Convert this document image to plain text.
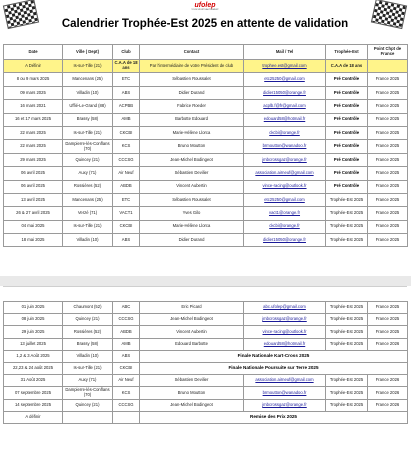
ufolep
TOUS SPORTS AUTREMENT
Calendrier Trophée-Est 2025 en attente de validation
Date	Ville ( Dept)	Club	Contact	Mail / Tel	Trophée-Est	Point Chpt de France
A Définir	Is-sur-Tille (21)	C.A.A de 18 ans	Par l'intermédiaire de votre Président de club	trophee.est@gmail.com	C.A.A de 18 ans	
8 ou 9 mars 2025	Mancenans (25)	ETC	Sébastien Roussalet	etc25250@gmail.com	Pré Contrôle	France 2025
09 mars 2025	Villadin (10)	ABS	Didier Durand	didier15050@orange.fr	Pré Contrôle	France 2025
16 mars 2021	Uffié-Le-Grand (88)	ACPBB	Fabrice Roeder	acplb.f@fr@gmail.com	Pré Contrôle	France 2025
16 et 17 mars 2025	Brassy (58)	AMB	Barbotte Edouard	edouard58@hotmail.fr	Pré Contrôle	France 2025
22 mars 2025	Is-sur-Tille (21)	CKCBI	Marie-Hélène Llorca	ckcbi@orange.fr	Pré Contrôle	France 2025
22 mars 2025	Dampierre-lès-Conflans (70)	KCS	Bruno Moutton	brmoutton@wanadoo.fr	Pré Contrôle	France 2025
29 mars 2025	Quincey (21)	CCCSG	Jean-Michel Bodingeot	jmbcrossgaz@orange.fr	Pré Contrôle	France 2025
06 avril 2025	Auxy (71)	Air Neuf	Sébastien Devilier	association.airneuf@gmail.com	Pré Contrôle	France 2025
06 avril 2025	Rossières (52)	ABDB	Vincent Aubertin	vince-racing@outlook.fr	Pré Contrôle	France 2025
13 avril 2025	Mancenans (25)	ETC	Sébastien Roussalet	etc25250@gmail.com	Trophée-Est 2025	France 2025
26 & 27 avril 2025	Verzé (71)	VACT1	Yves Gilo	vact1@orange.fr	Trophée-Est 2025	France 2025
04 mai 2025	Is-sur-Tille (21)	CKCBI	Marie-Hélène Llorca	ckcbi@orange.fr	Trophée-Est 2025	France 2025
18 mai 2025	Villadin (10)	ABS	Didier Durand	didier15050@orange.fr	Trophée-Est 2025	France 2025
01 juin 2025	Chaumont (52)	ABC	Eric Picard	abc.ufolep@gmail.com	Trophée-Est 2025	France 2025
08 juin 2025	Quincey (21)	CCCSG	Jean-Michel Bodingeot	jmbcrossgaz@orange.fr	Trophée-Est 2025	France 2025
29 juin 2025	Rossières (52)	ABDB	Vincent Aubertin	vince-racing@outlook.fr	Trophée-Est 2025	France 2025
13 juillet 2025	Brassy (58)	AMB	Edouard Barbotte	edouard58@hotmail.fr	Trophée-Est 2025	France 2026
1,2 & 3 Août 2025	Villadin (10)	ABS	Finale Nationale Kart-Cross 2025			
22,23 & 24 août 2025	Is-sur-Tille (21)	CKCBI	Finale Nationale Poursuite sur Terre 2025			
31 Août 2025	Auxy (71)	Air Neuf	Sébastien Devilier	association.airneuf@gmail.com	Trophée-Est 2025	France 2026
07 septembre 2025	Dampierre-lès-Conflans (70)	KCS	Bruno Moutton	brmoutton@wanadoo.fr	Trophée-Est 2025	France 2026
14 septembre 2025	Quincey (21)	CCCSG	Jean-Michel Bodingeot	jmbcrossgaz@orange.fr	Trophée-Est 2025	France 2026
A définir			Remise des Prix 2025			
